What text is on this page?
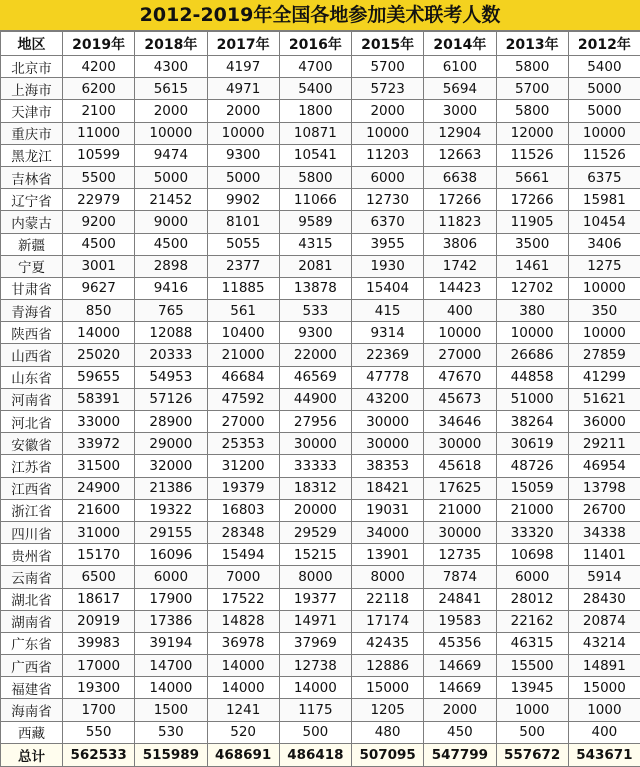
2012-2019年全国各地参加美术联考人数
地区	2019年	2018年	2017年	2016年	2015年	2014年	2013年	2012年
北京市	4200	4300	4197	4700	5700	6100	5800	5400
上海市	6200	5615	4971	5400	5723	5694	5700	5000
天津市	2100	2000	2000	1800	2000	3000	5800	5000
重庆市	11000	10000	10000	10871	10000	12904	12000	10000
黑龙江	10599	9474	9300	10541	11203	12663	11526	11526
吉林省	5500	5000	5000	5800	6000	6638	5661	6375
辽宁省	22979	21452	9902	11066	12730	17266	17266	15981
内蒙古	9200	9000	8101	9589	6370	11823	11905	10454
新疆	4500	4500	5055	4315	3955	3806	3500	3406
宁夏	3001	2898	2377	2081	1930	1742	1461	1275
甘肃省	9627	9416	11885	13878	15404	14423	12702	10000
青海省	850	765	561	533	415	400	380	350
陕西省	14000	12088	10400	9300	9314	10000	10000	10000
山西省	25020	20333	21000	22000	22369	27000	26686	27859
山东省	59655	54953	46684	46569	47778	47670	44858	41299
河南省	58391	57126	47592	44900	43200	45673	51000	51621
河北省	33000	28900	27000	27956	30000	34646	38264	36000
安徽省	33972	29000	25353	30000	30000	30000	30619	29211
江苏省	31500	32000	31200	33333	38353	45618	48726	46954
江西省	24900	21386	19379	18312	18421	17625	15059	13798
浙江省	21600	19322	16803	20000	19031	21000	21000	26700
四川省	31000	29155	28348	29529	34000	30000	33320	34338
贵州省	15170	16096	15494	15215	13901	12735	10698	11401
云南省	6500	6000	7000	8000	8000	7874	6000	5914
湖北省	18617	17900	17522	19377	22118	24841	28012	28430
湖南省	20919	17386	14828	14971	17174	19583	22162	20874
广东省	39983	39194	36978	37969	42435	45356	46315	43214
广西省	17000	14700	14000	12738	12886	14669	15500	14891
福建省	19300	14000	14000	14000	15000	14669	13945	15000
海南省	1700	1500	1241	1175	1205	2000	1000	1000
西藏	550	530	520	500	480	450	500	400
总计	562533	515989	468691	486418	507095	547799	557672	543671
